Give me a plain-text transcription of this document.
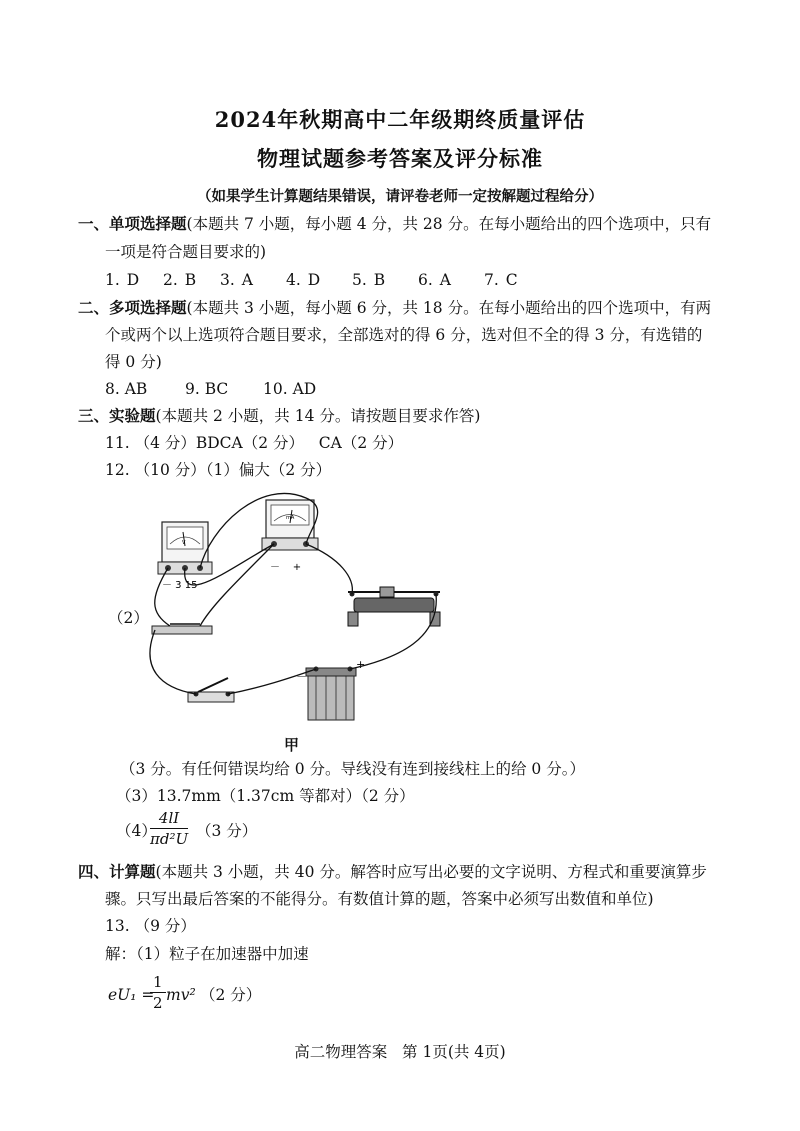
2024年秋期高中二年级期终质量评估
物理试题参考答案及评分标准
（如果学生计算题结果错误，请评卷老师一定按解题过程给分）
一、单项选择题(本题共 7 小题，每小题 4 分，共 28 分。在每小题给出的四个选项中，只有
一项是符合题目要求的)
1. D 2. B 3. A 4. D 5. B 6. A 7. C
二、多项选择题(本题共 3 小题，每小题 6 分，共 18 分。在每小题给出的四个选项中，有两
个或两个以上选项符合题目要求，全部选对的得 6 分，选对但不全的得 3 分，有选错的
得 0 分)
8. AB 9. BC 10. AD
三、实验题(本题共 2 小题，共 14 分。请按题目要求作答)
11. （4 分）BDCA（2 分）   CA（2 分）
12. （10 分）（1）偏大（2 分）
（2）
V
－ 3 15
mA
－    +
－
+
甲
（3 分。有任何错误均给 0 分。导线没有连到接线柱上的给 0 分。）
（3）13.7mm（1.37cm 等都对）（2 分）
（4）
$\frac{4lI}{\text{πd²U}} (3$ 分）
四、计算题(本题共 3 小题，共 40 分。解答时应写出必要的文字说明、方程式和重要演算步
骤。只写出最后答案的不能得分。有数值计算的题，答案中必须写出数值和单位)
13. （9 分）
解：（1）粒子在加速器中加速
eU₁ =
$\frac{1}{2} mv^2$ （2 分）
高二物理答案   第 1页(共 4页)
